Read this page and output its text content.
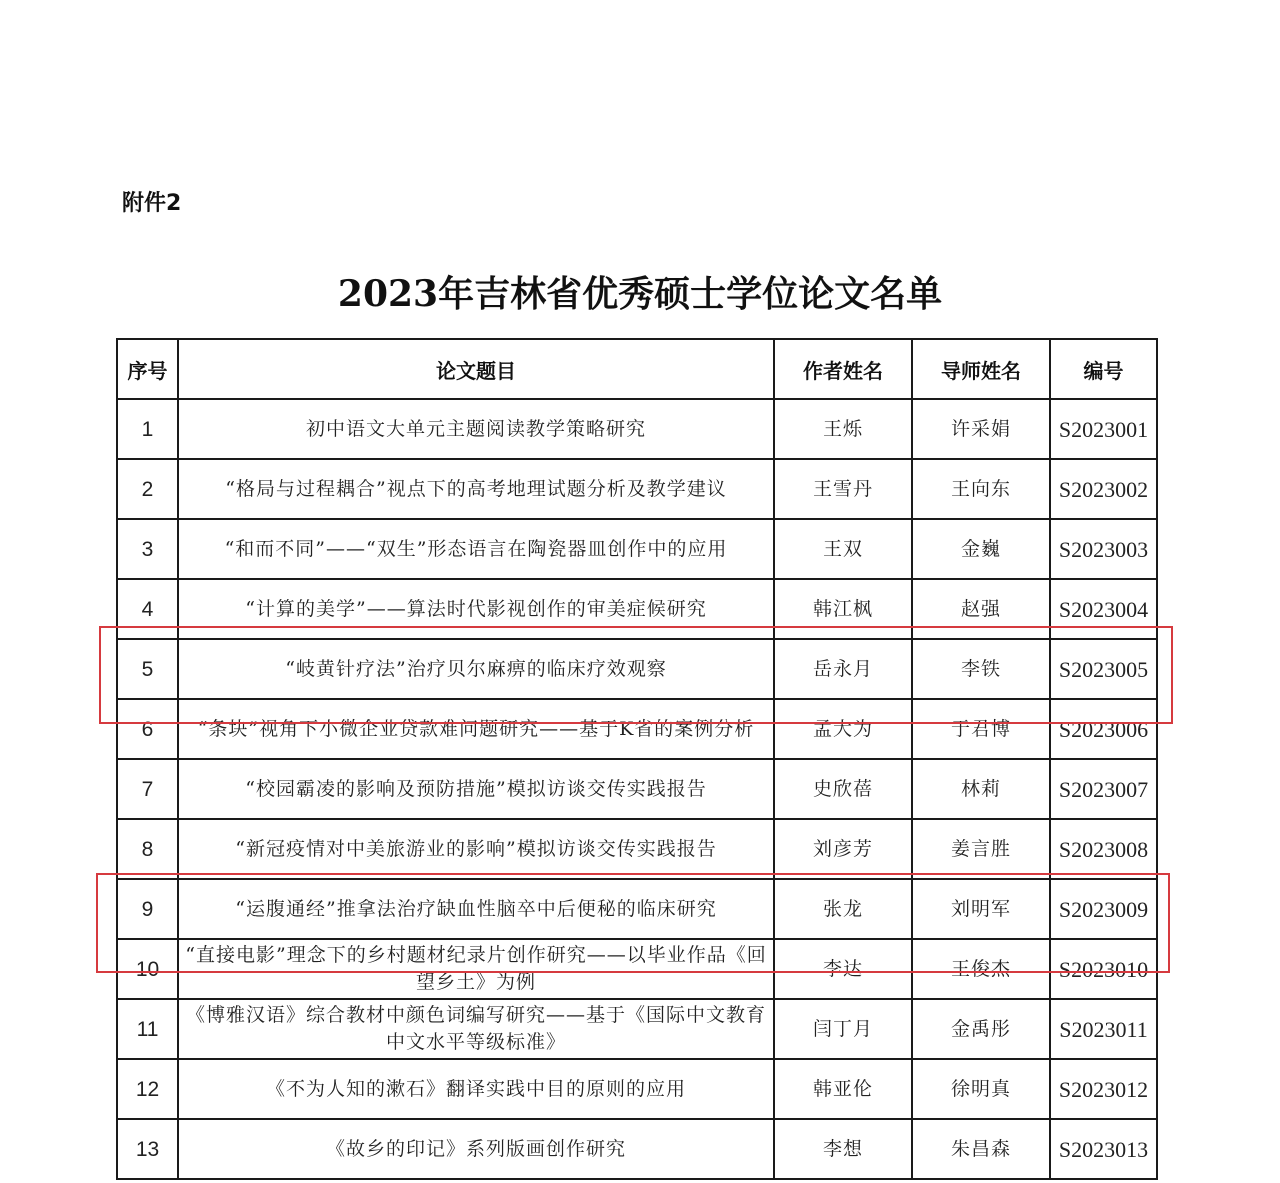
附件2
2023年吉林省优秀硕士学位论文名单
序号	论文题目	作者姓名	导师姓名	编号
1	初中语文大单元主题阅读教学策略研究	王烁	许采娟	S2023001
2	“格局与过程耦合”视点下的高考地理试题分析及教学建议	王雪丹	王向东	S2023002
3	“和而不同”——“双生”形态语言在陶瓷器皿创作中的应用	王双	金巍	S2023003
4	“计算的美学”——算法时代影视创作的审美症候研究	韩江枫	赵强	S2023004
5	“岐黄针疗法”治疗贝尔麻痹的临床疗效观察	岳永月	李铁	S2023005
6	“条块”视角下小微企业贷款难问题研究——基于K省的案例分析	孟大为	于君博	S2023006
7	“校园霸凌的影响及预防措施”模拟访谈交传实践报告	史欣蓓	林莉	S2023007
8	“新冠疫情对中美旅游业的影响”模拟访谈交传实践报告	刘彦芳	姜言胜	S2023008
9	“运腹通经”推拿法治疗缺血性脑卒中后便秘的临床研究	张龙	刘明军	S2023009
10	“直接电影”理念下的乡村题材纪录片创作研究——以毕业作品《回望乡土》为例	李达	王俊杰	S2023010
11	《博雅汉语》综合教材中颜色词编写研究——基于《国际中文教育中文水平等级标准》	闫丁月	金禹彤	S2023011
12	《不为人知的漱石》翻译实践中目的原则的应用	韩亚伦	徐明真	S2023012
13	《故乡的印记》系列版画创作研究	李想	朱昌森	S2023013
